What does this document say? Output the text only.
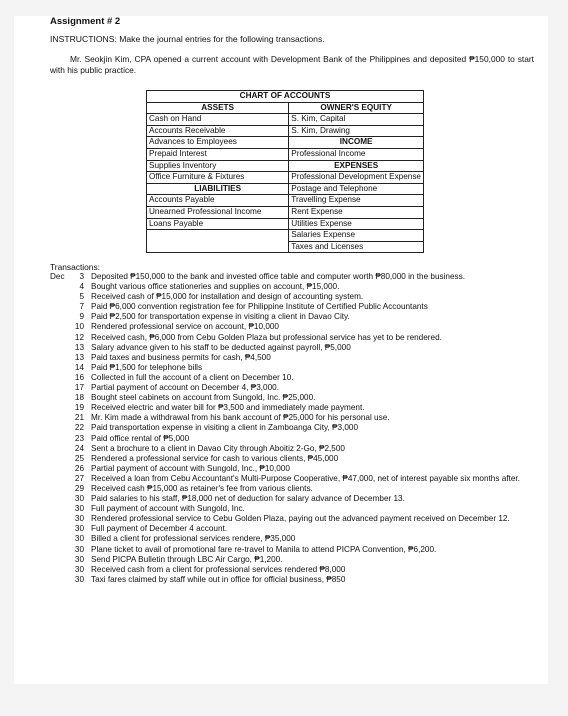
Assignment # 2
INSTRUCTIONS: Make the journal entries for the following transactions.
Mr. Seokjin Kim, CPA opened a current account with Development Bank of the Philippines and deposited ₱150,000 to start with his public practice.
CHART OF ACCOUNTS	
ASSETS	OWNER'S EQUITY
Cash on Hand	S. Kim, Capital
Accounts Receivable	S. Kim, Drawing
Advances to Employees	INCOME
Prepaid Interest	Professional Income
Supplies Inventory	EXPENSES
Office Furniture & Fixtures	Professional Development Expense
LIABILITIES	Postage and Telephone
Accounts Payable	Travelling Expense
Unearned Professional Income	Rent Expense
Loans Payable	Utilities Expense
	Salaries Expense
	Taxes and Licenses
Transactions:
Dec	3 Deposited ₱150,000 to the bank and invested office table and computer worth ₱80,000 in the business.
4 Bought various office stationeries and supplies on account, ₱15,000.
5 Received cash of ₱15,000 for installation and design of accounting system.
7 Paid ₱6,000 convention registration fee for Philippine Institute of Certified Public Accountants
9 Paid ₱2,500 for transportation expense in visiting a client in Davao City.
10 Rendered professional service on account, ₱10,000
12 Received cash, ₱6,000 from Cebu Golden Plaza but professional service has yet to be rendered.
13 Salary advance given to his staff to be deducted against payroll, ₱5,000
13 Paid taxes and business permits for cash, ₱4,500
14 Paid ₱1,500 for telephone bills
16 Collected in full the account of a client on December 10.
17 Partial payment of account on December 4, ₱3,000.
18 Bought steel cabinets on account from Sungold, Inc. ₱25,000.
19 Received electric and water bill for ₱3,500 and immediately made payment.
21 Mr. Kim made a withdrawal from his bank account of ₱25,000 for his personal use.
22 Paid transportation expense in visiting a client in Zamboanga City, ₱3,000
23 Paid office rental of ₱5,000
24 Sent a brochure to a client in Davao City through Aboitiz 2-Go, ₱2,500
25 Rendered a professional service for cash to various clients, ₱45,000
26 Partial payment of account with Sungold, Inc., ₱10,000
27 Received a loan from Cebu Accountant's Multi-Purpose Cooperative, ₱47,000, net of interest payable six months after.
29 Received cash ₱15,000 as retainer's fee from various clients.
30 Paid salaries to his staff, ₱18,000 net of deduction for salary advance of December 13.
30 Full payment of account with Sungold, Inc.
30 Rendered professional service to Cebu Golden Plaza, paying out the advanced payment received on December 12.
30 Full payment of December 4 account.
30 Billed a client for professional services rendere, ₱35,000
30 Plane ticket to avail of promotional fare re-travel to Manila to attend PICPA Convention, ₱6,200.
30 Send PICPA Bulletin through LBC Air Cargo, ₱1,200.
30 Received cash from a client for professional services rendered ₱8,000
30 Taxi fares claimed by staff while out in office for official business, ₱850
